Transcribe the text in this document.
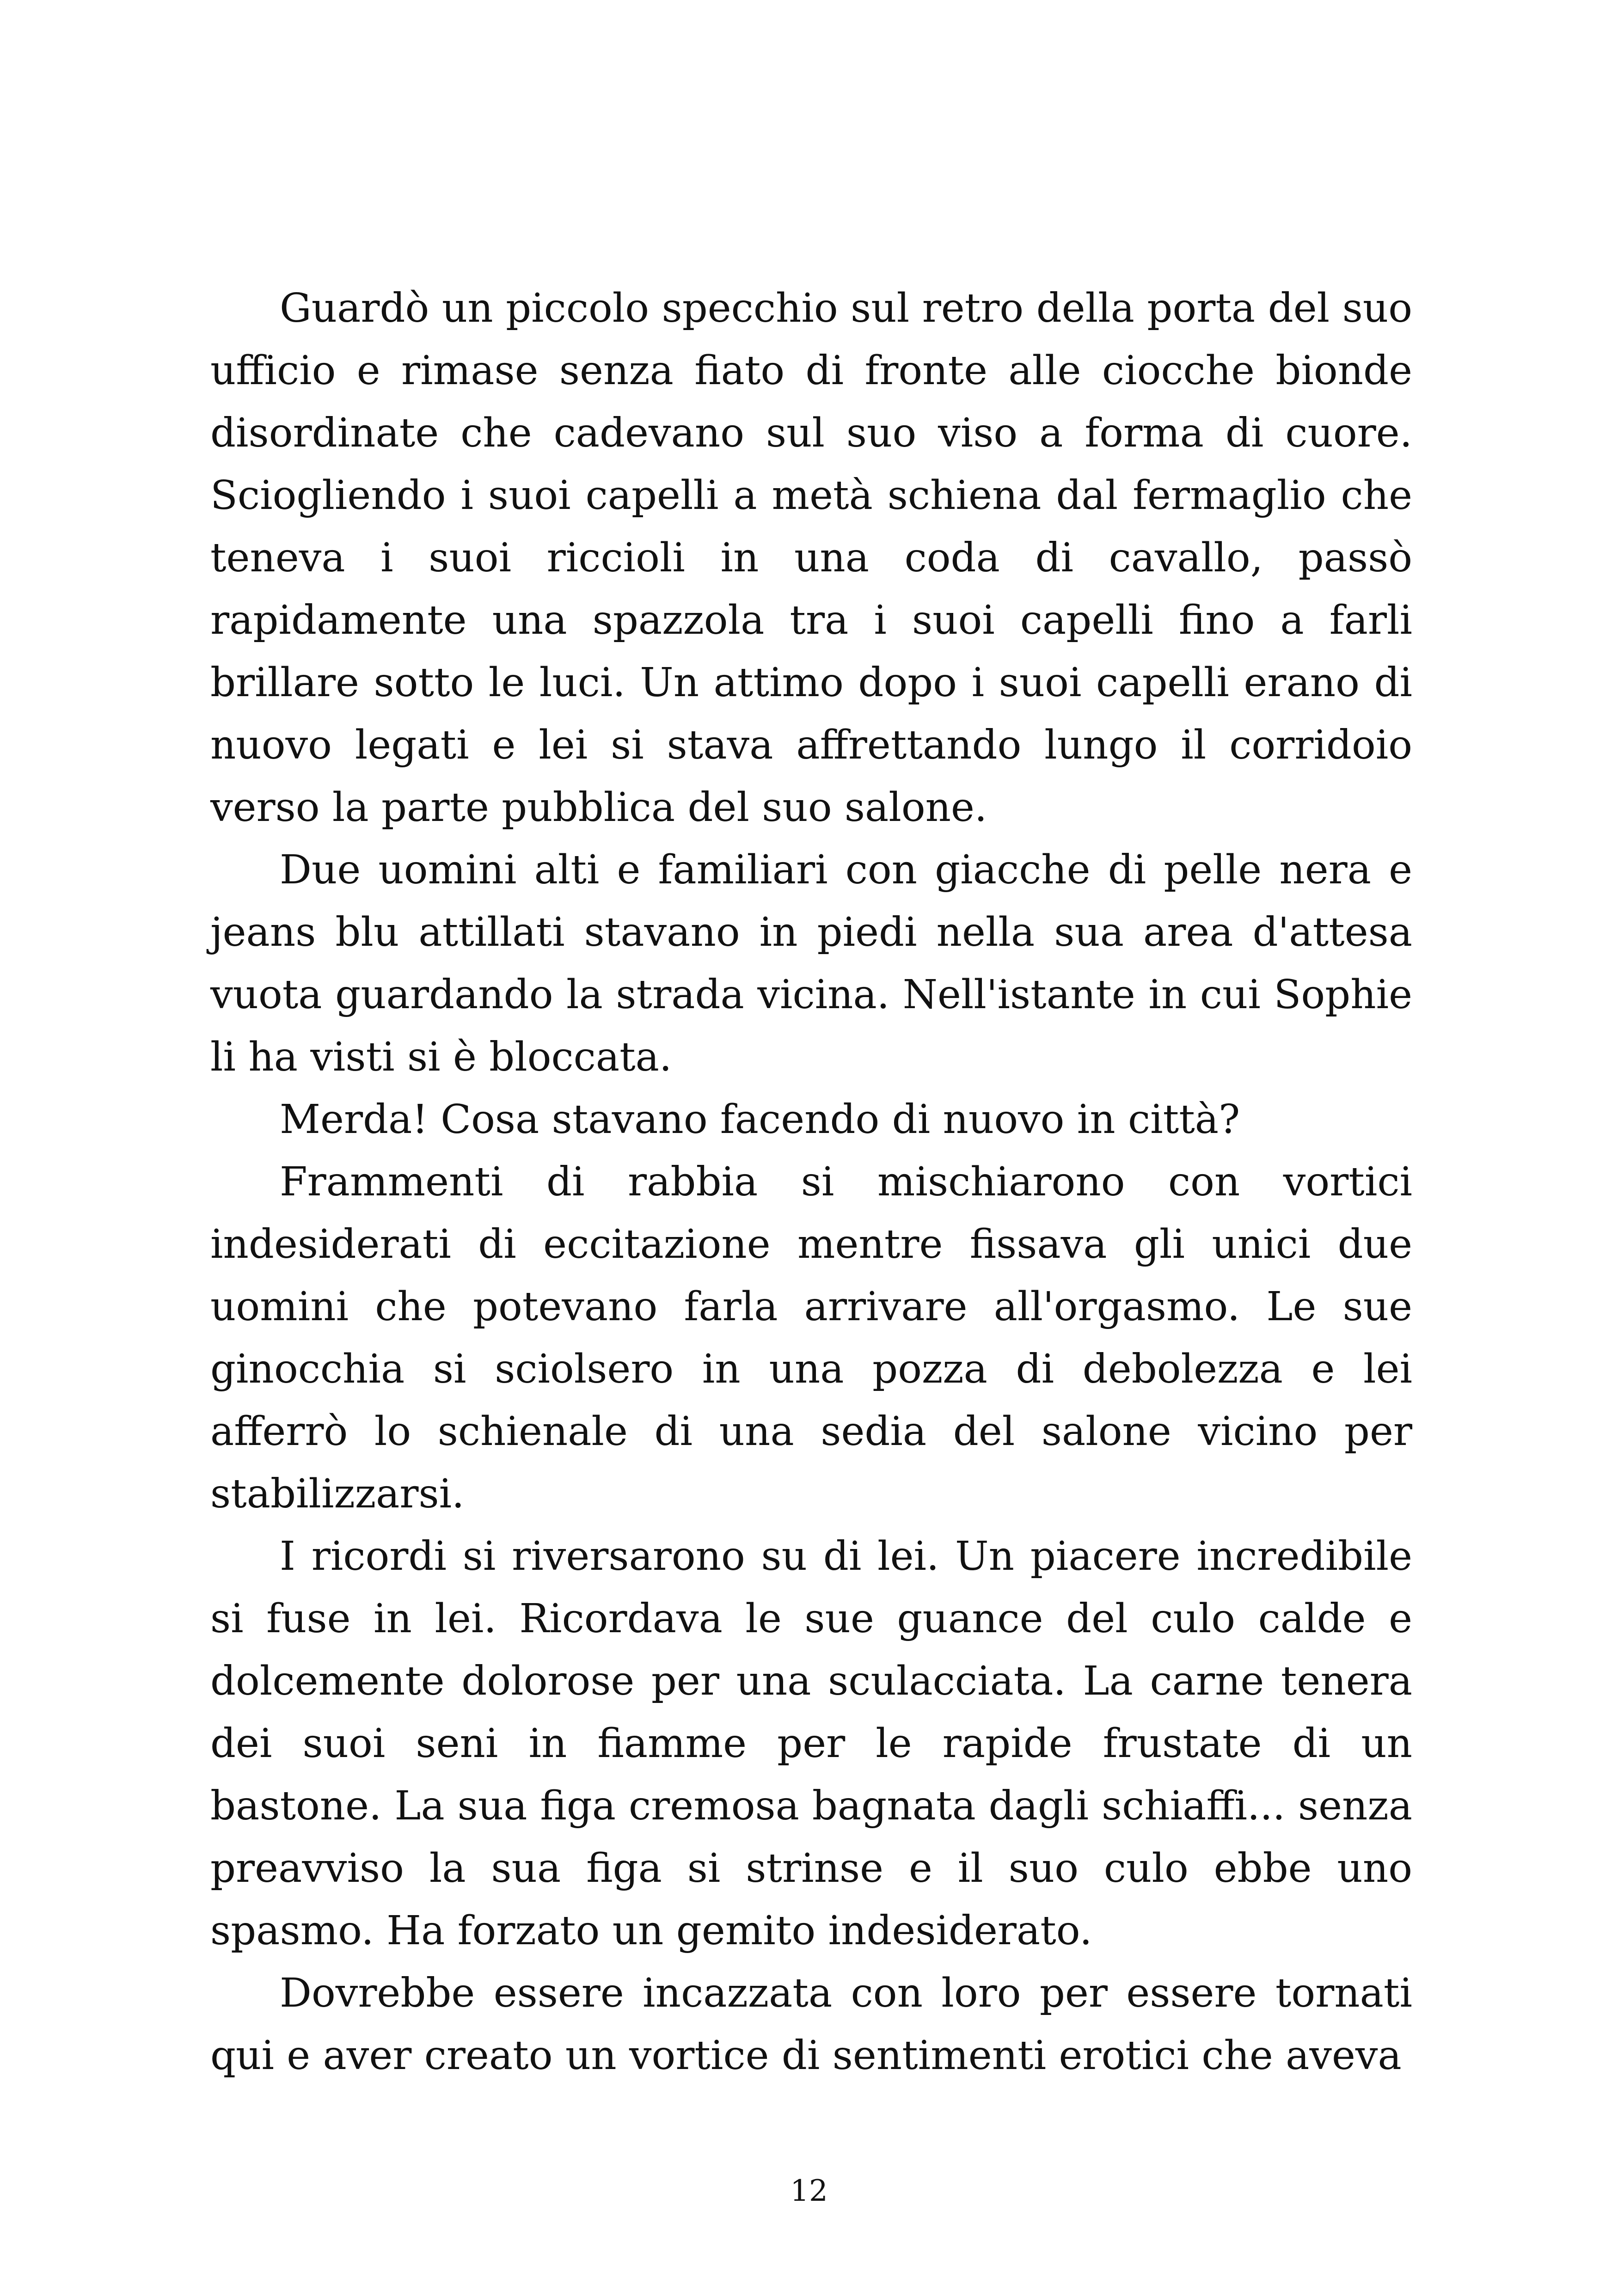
Guardò un piccolo specchio sul retro della porta del suo ufficio e rimase senza fiato di fronte alle ciocche bionde disordinate che cadevano sul suo viso a forma di cuore. Sciogliendo i suoi capelli a metà schiena dal fermaglio che teneva i suoi riccioli in una coda di cavallo, passò rapidamente una spazzola tra i suoi capelli fino a farli brillare sotto le luci. Un attimo dopo i suoi capelli erano di nuovo legati e lei si stava affrettando lungo il corridoio verso la parte pubblica del suo salone.

Due uomini alti e familiari con giacche di pelle nera e jeans blu attillati stavano in piedi nella sua area d'attesa vuota guardando la strada vicina. Nell'istante in cui Sophie li ha visti si è bloccata.

Merda! Cosa stavano facendo di nuovo in città?

Frammenti di rabbia si mischiarono con vortici indesiderati di eccitazione mentre fissava gli unici due uomini che potevano farla arrivare all'orgasmo. Le sue ginocchia si sciolsero in una pozza di debolezza e lei afferrò lo schienale di una sedia del salone vicino per stabilizzarsi.

I ricordi si riversarono su di lei. Un piacere incredibile si fuse in lei. Ricordava le sue guance del culo calde e dolcemente dolorose per una sculacciata. La carne tenera dei suoi seni in fiamme per le rapide frustate di un bastone. La sua figa cremosa bagnata dagli schiaffi... senza preavviso la sua figa si strinse e il suo culo ebbe uno spasmo. Ha forzato un gemito indesiderato.

Dovrebbe essere incazzata con loro per essere tornati qui e aver creato un vortice di sentimenti erotici che aveva

12
